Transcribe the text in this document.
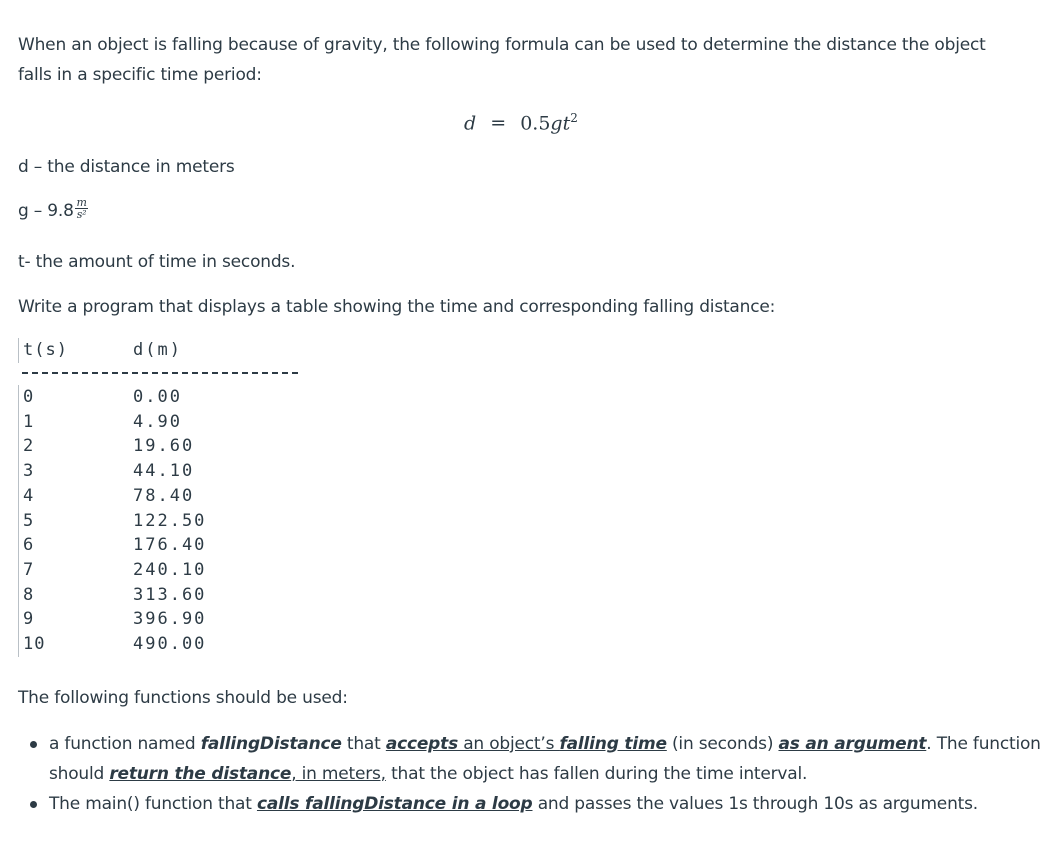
When an object is falling because of gravity, the following formula can be used to determine the distance the object
falls in a specific time period:
$d = 0.5gt^2$
d – the distance in meters
g – $9.8 \frac{m}{\text{s²}}$
t- the amount of time in seconds.
Write a program that displays a table showing the time and corresponding falling distance:
t(s)	d(m)
0	0.00
1	4.90
2	19.60
3	44.10
4	78.40
5	122.50
6	176.40
7	240.10
8	313.60
9	396.90
10	490.00
The following functions should be used:
a function named fallingDistance that accepts an object’s falling time (in seconds) as an argument. The function
should return the distance, in meters, that the object has fallen during the time interval.
The main() function that calls fallingDistance in a loop and passes the values 1s through 10s as arguments.
